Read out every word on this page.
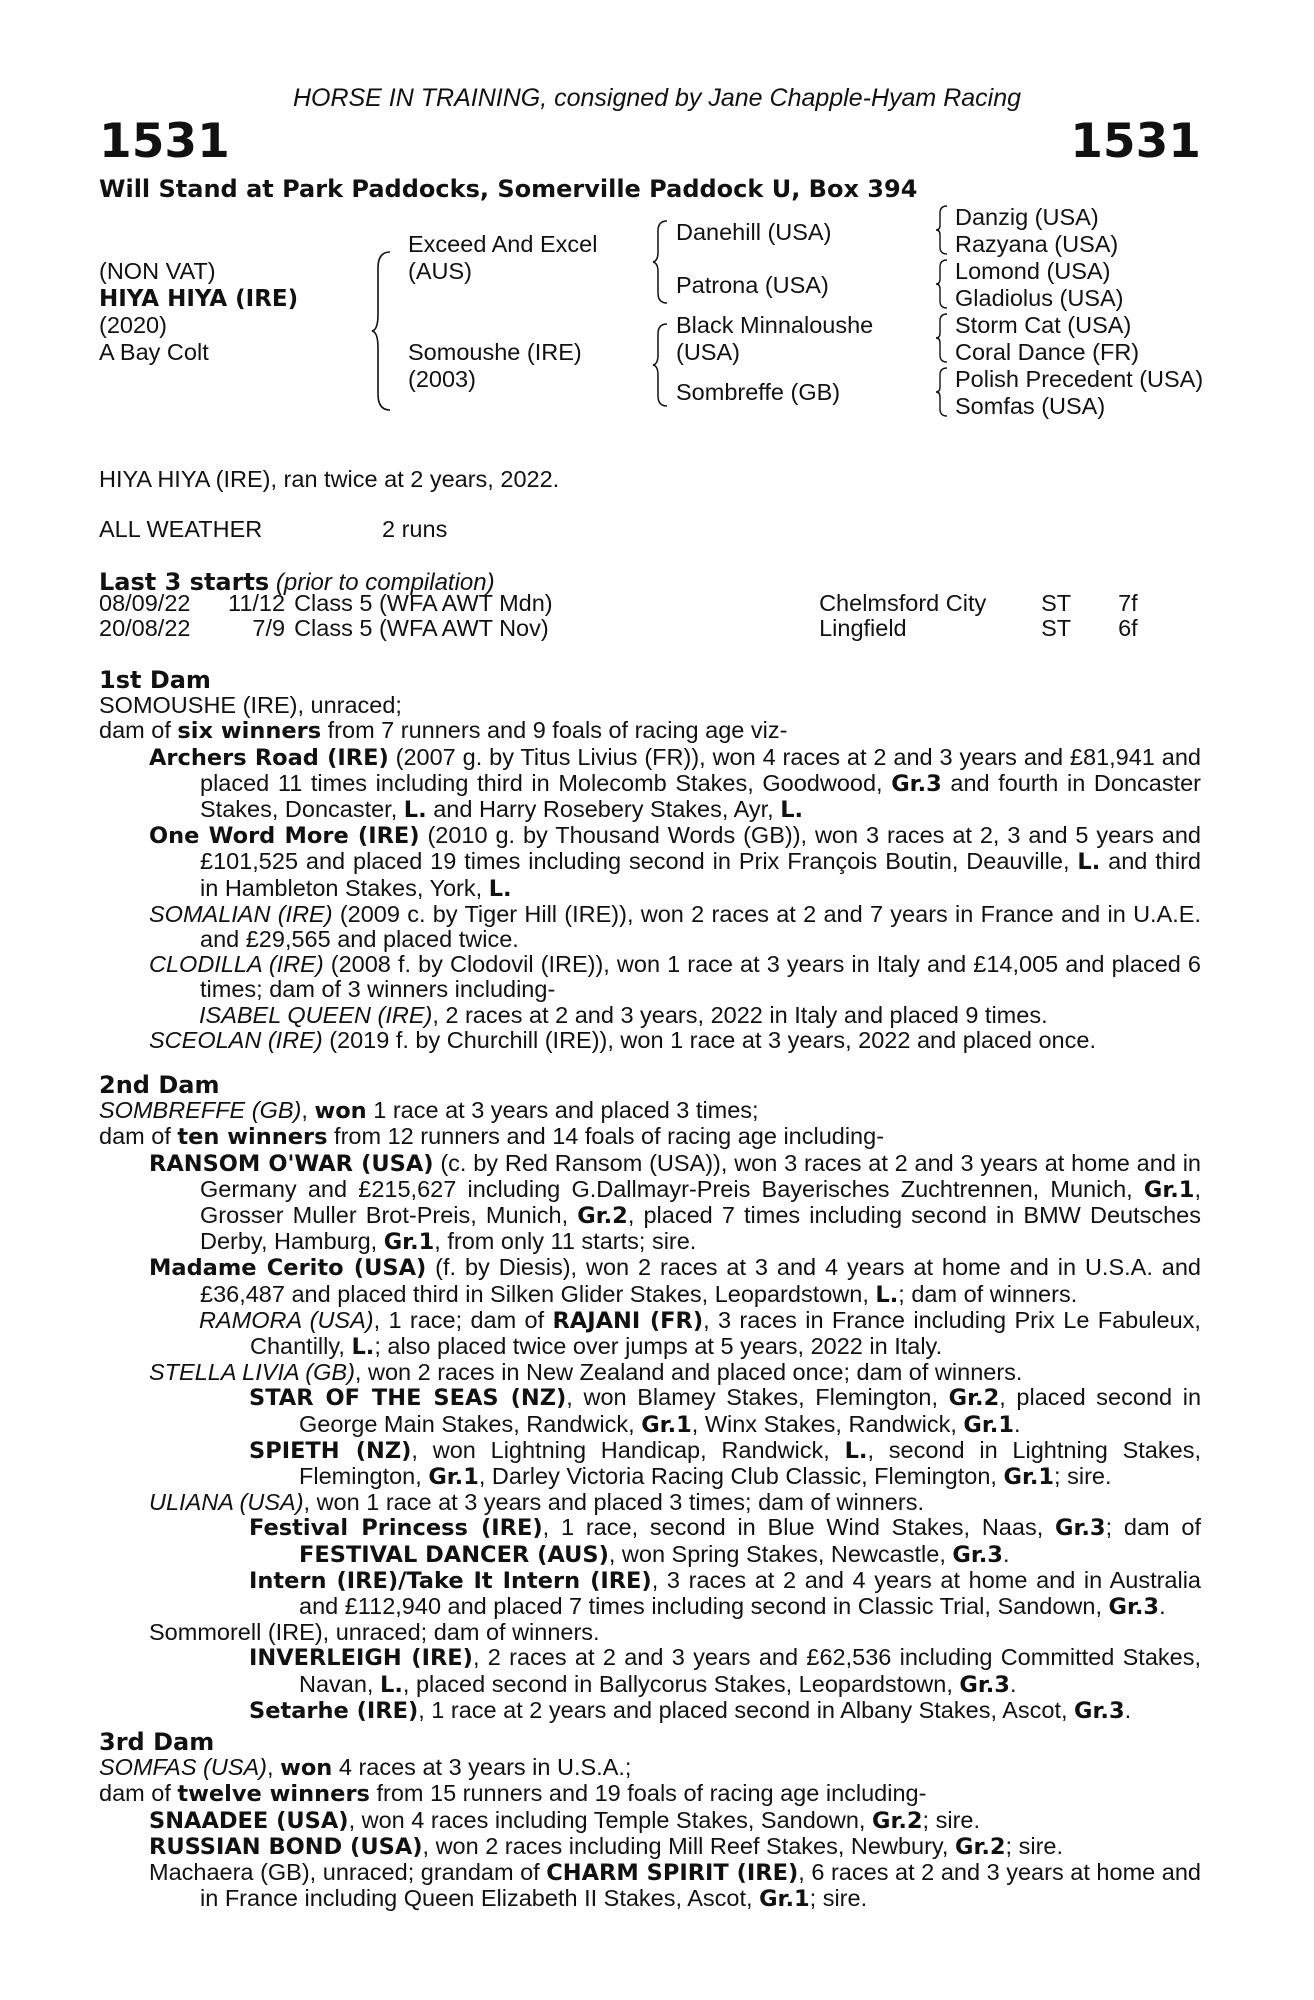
HORSE IN TRAINING, consigned by Jane Chapple-Hyam Racing
1531	1531
Will Stand at Park Paddocks, Somerville Paddock U, Box 394
(NON VAT)
HIYA HIYA (IRE)
(2020)
A Bay Colt
Exceed And Excel
(AUS)
Somoushe (IRE)
(2003)
Danehill (USA)
Patrona (USA)
Black Minnaloushe
(USA)
Sombreffe (GB)
Danzig (USA)
Razyana (USA)
Lomond (USA)
Gladiolus (USA)
Storm Cat (USA)
Coral Dance (FR)
Polish Precedent (USA)
Somfas (USA)
HIYA HIYA (IRE), ran twice at 2 years, 2022.
ALL WEATHER	2 runs
Last 3 starts (prior to compilation)
08/09/22	11/12	Class 5 (WFA AWT Mdn)	Chelmsford City	ST	7f
20/08/22	7/9	Class 5 (WFA AWT Nov)	Lingfield	ST	6f

1st Dam

SOMOUSHE (IRE), unraced;

dam of six winners from 7 runners and 9 foals of racing age viz-

Archers Road (IRE) (2007 g. by Titus Livius (FR)), won 4 races at 2 and 3 years and £81,941 and placed 11 times including third in Molecomb Stakes, Goodwood, Gr.3 and fourth in Doncaster Stakes, Doncaster, L. and Harry Rosebery Stakes, Ayr, L.

One Word More (IRE) (2010 g. by Thousand Words (GB)), won 3 races at 2, 3 and 5 years and £101,525 and placed 19 times including second in Prix François Boutin, Deauville, L. and third in Hambleton Stakes, York, L.

SOMALIAN (IRE) (2009 c. by Tiger Hill (IRE)), won 2 races at 2 and 7 years in France and in U.A.E. and £29,565 and placed twice.

CLODILLA (IRE) (2008 f. by Clodovil (IRE)), won 1 race at 3 years in Italy and £14,005 and placed 6 times; dam of 3 winners including-

ISABEL QUEEN (IRE), 2 races at 2 and 3 years, 2022 in Italy and placed 9 times.

SCEOLAN (IRE) (2019 f. by Churchill (IRE)), won 1 race at 3 years, 2022 and placed once.

2nd Dam

SOMBREFFE (GB), won 1 race at 3 years and placed 3 times;

dam of ten winners from 12 runners and 14 foals of racing age including-

RANSOM O'WAR (USA) (c. by Red Ransom (USA)), won 3 races at 2 and 3 years at home and in Germany and £215,627 including G.Dallmayr-Preis Bayerisches Zuchtrennen, Munich, Gr.1, Grosser Muller Brot-Preis, Munich, Gr.2, placed 7 times including second in BMW Deutsches Derby, Hamburg, Gr.1, from only 11 starts; sire.

Madame Cerito (USA) (f. by Diesis), won 2 races at 3 and 4 years at home and in U.S.A. and £36,487 and placed third in Silken Glider Stakes, Leopardstown, L.; dam of winners.

RAMORA (USA), 1 race; dam of RAJANI (FR), 3 races in France including Prix Le Fabuleux, Chantilly, L.; also placed twice over jumps at 5 years, 2022 in Italy.

STELLA LIVIA (GB), won 2 races in New Zealand and placed once; dam of winners.

STAR OF THE SEAS (NZ), won Blamey Stakes, Flemington, Gr.2, placed second in George Main Stakes, Randwick, Gr.1, Winx Stakes, Randwick, Gr.1.

SPIETH (NZ), won Lightning Handicap, Randwick, L., second in Lightning Stakes, Flemington, Gr.1, Darley Victoria Racing Club Classic, Flemington, Gr.1; sire.

ULIANA (USA), won 1 race at 3 years and placed 3 times; dam of winners.

Festival Princess (IRE), 1 race, second in Blue Wind Stakes, Naas, Gr.3; dam of FESTIVAL DANCER (AUS), won Spring Stakes, Newcastle, Gr.3.

Intern (IRE)/Take It Intern (IRE), 3 races at 2 and 4 years at home and in Australia and £112,940 and placed 7 times including second in Classic Trial, Sandown, Gr.3.

Sommorell (IRE), unraced; dam of winners.

INVERLEIGH (IRE), 2 races at 2 and 3 years and £62,536 including Committed Stakes, Navan, L., placed second in Ballycorus Stakes, Leopardstown, Gr.3.

Setarhe (IRE), 1 race at 2 years and placed second in Albany Stakes, Ascot, Gr.3.

3rd Dam

SOMFAS (USA), won 4 races at 3 years in U.S.A.;

dam of twelve winners from 15 runners and 19 foals of racing age including-

SNAADEE (USA), won 4 races including Temple Stakes, Sandown, Gr.2; sire.

RUSSIAN BOND (USA), won 2 races including Mill Reef Stakes, Newbury, Gr.2; sire.

Machaera (GB), unraced; grandam of CHARM SPIRIT (IRE), 6 races at 2 and 3 years at home and in France including Queen Elizabeth II Stakes, Ascot, Gr.1; sire.
